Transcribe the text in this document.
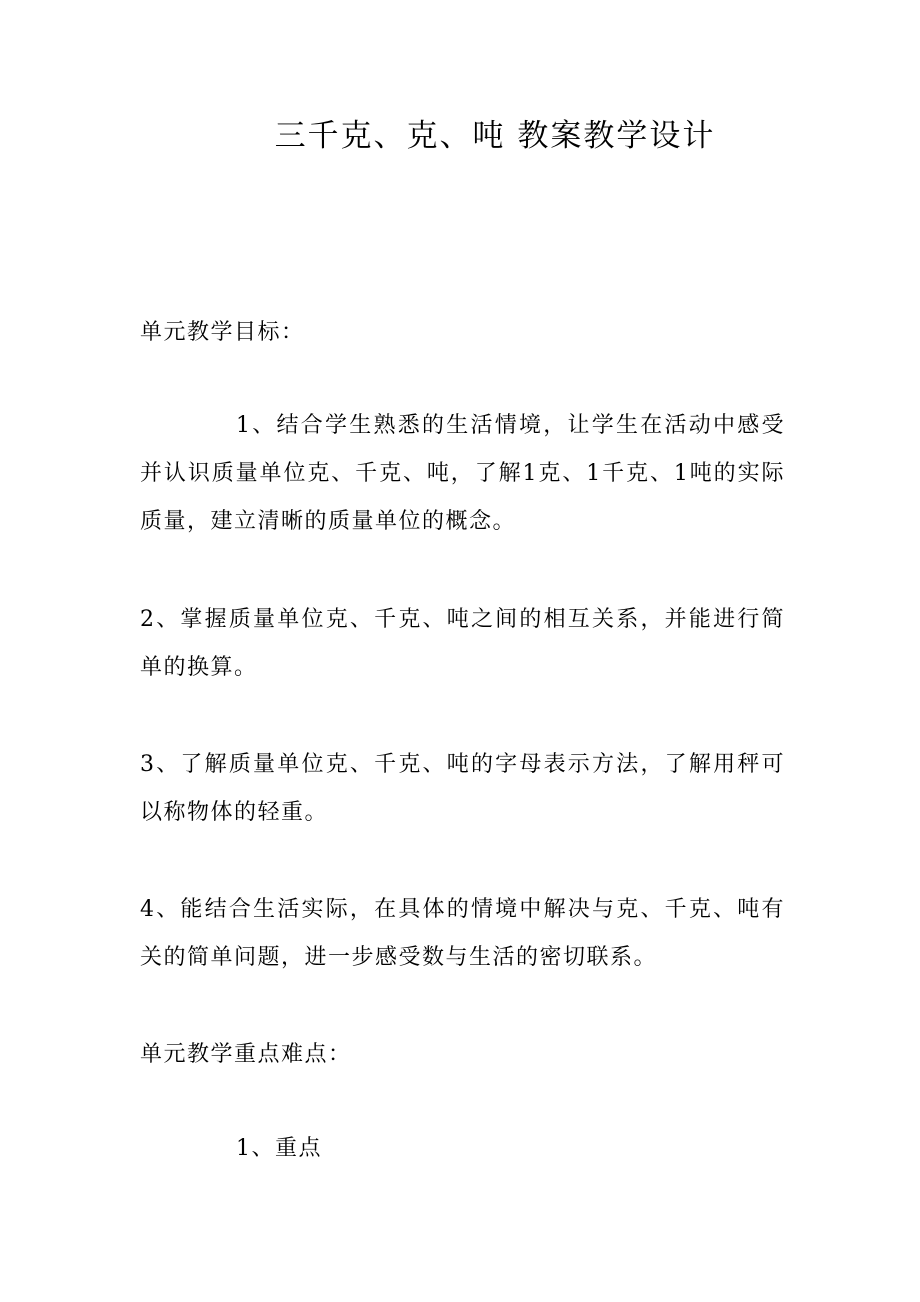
三千克、克、吨 教案教学设计
单元教学目标：
1、结合学生熟悉的生活情境，让学生在活动中感受并认识质量单位克、千克、吨，了解1克、1千克、1吨的实际质量，建立清晰的质量单位的概念。
2、掌握质量单位克、千克、吨之间的相互关系，并能进行简单的换算。
3、了解质量单位克、千克、吨的字母表示方法，了解用秤可以称物体的轻重。
4、能结合生活实际，在具体的情境中解决与克、千克、吨有关的简单问题，进一步感受数与生活的密切联系。
单元教学重点难点：
1、重点
